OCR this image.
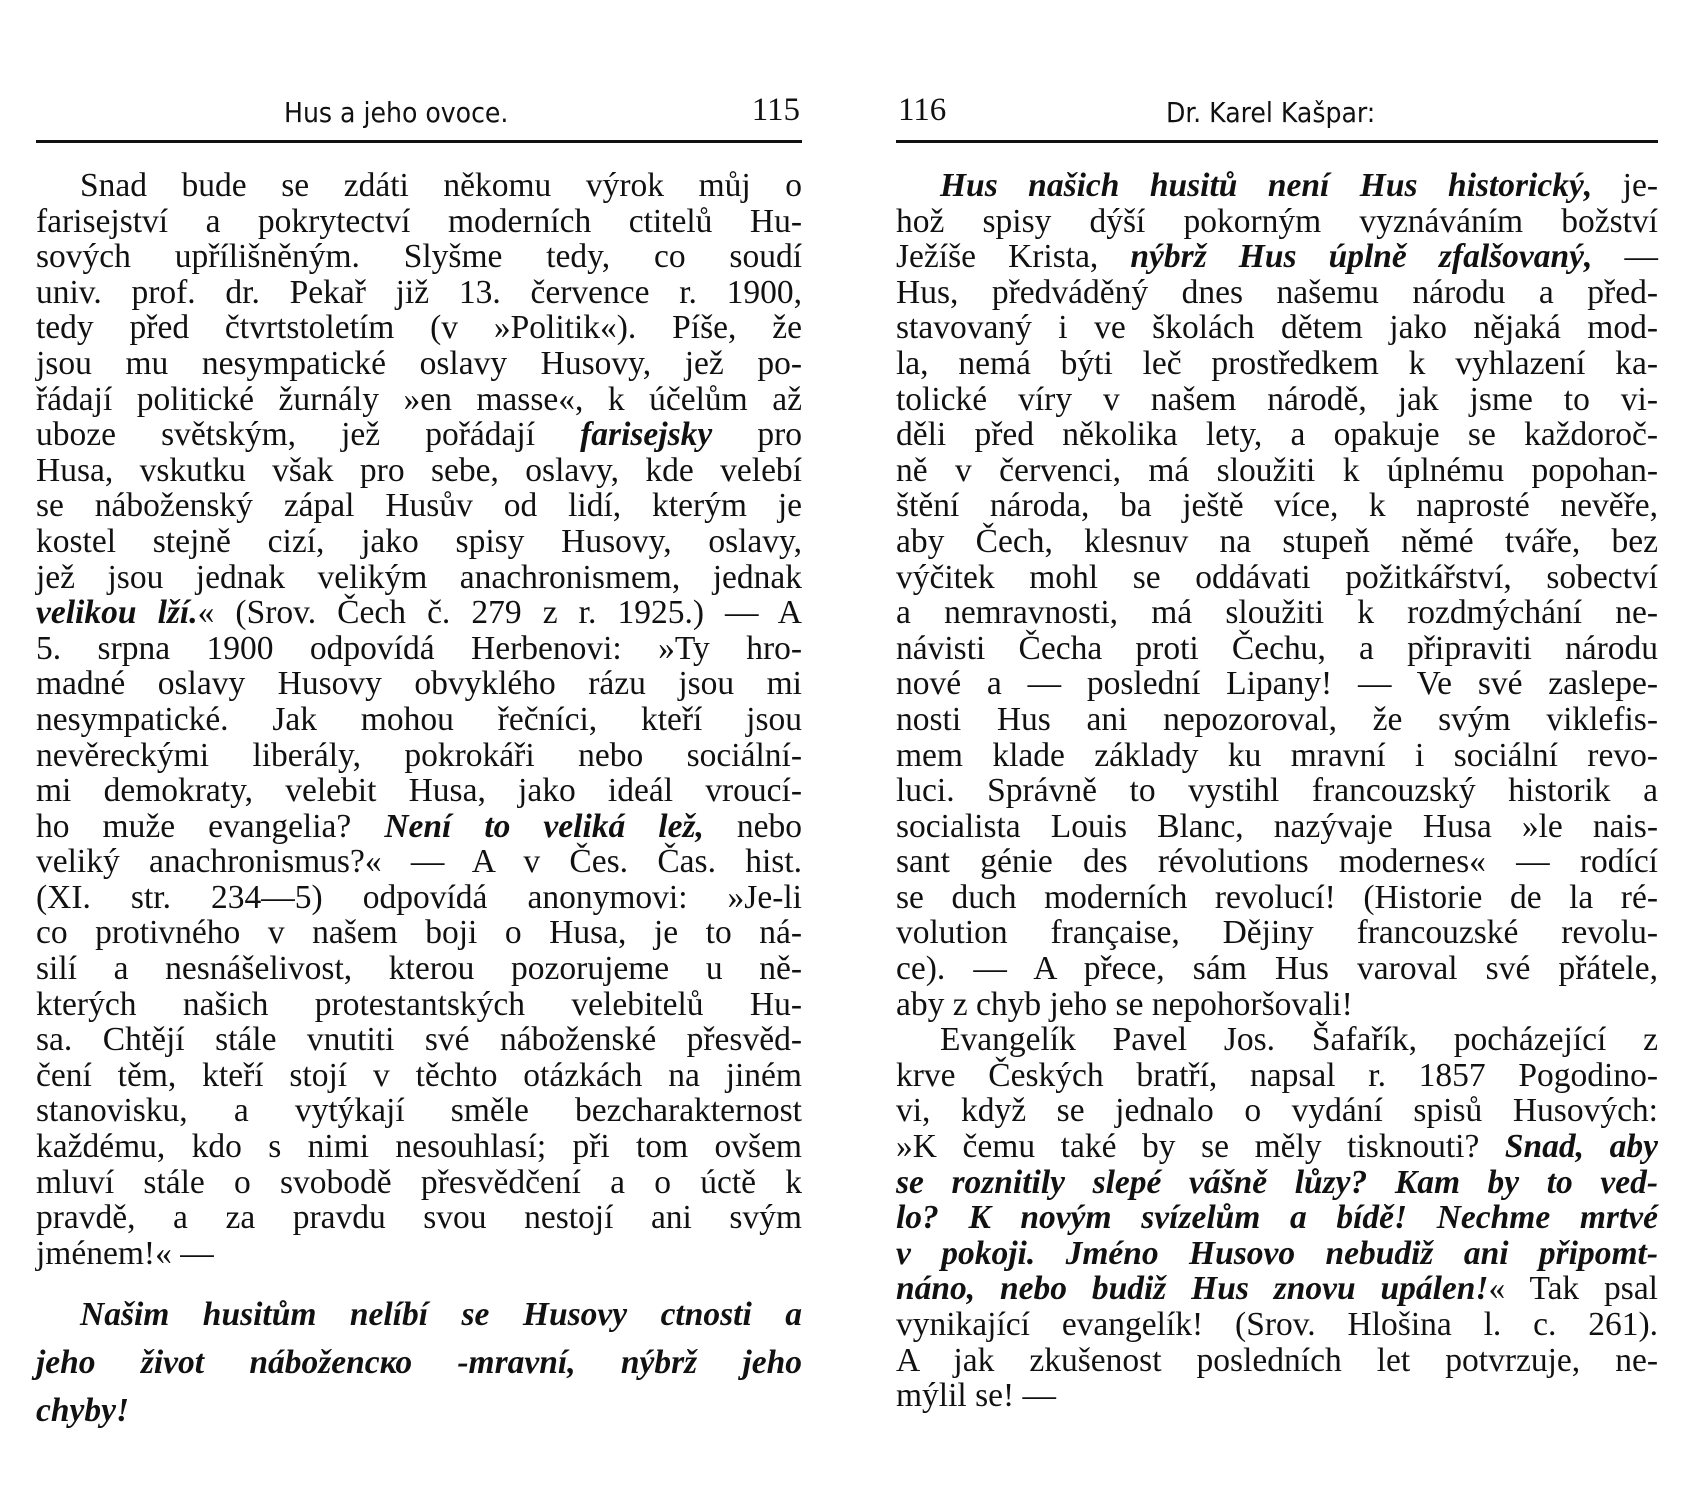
Hus a jeho ovoce.	115
Snad bude se zdáti někomu výrok můj o
farisejství a pokrytectví moderních ctitelů Hu-
sových upřílišněným. Slyšme tedy, co soudí
univ. prof. dr. Pekař již 13. července r. 1900,
tedy před čtvrtstoletím (v »Politik«). Píše, že
jsou mu nesympatické oslavy Husovy, jež po-
řádají politické žurnály »en masse«, k účelům až
uboze světským, jež pořádají farisejsky pro
Husa, vskutku však pro sebe, oslavy, kde velebí
se náboženský zápal Husův od lidí, kterým je
kostel stejně cizí, jako spisy Husovy, oslavy,
jež jsou jednak velikým anachronismem, jednak
velikou lží.« (Srov. Čech č. 279 z r. 1925.) — A
5. srpna 1900 odpovídá Herbenovi: »Ty hro-
madné oslavy Husovy obvyklého rázu jsou mi
nesympatické. Jak mohou řečníci, kteří jsou
nevěreckými liberály, pokrokáři nebo sociální-
mi demokraty, velebit Husa, jako ideál vroucí-
ho muže evangelia? Není to veliká lež, nebo
veliký anachronismus?« — A v Čes. Čas. hist.
(XI. str. 234—5) odpovídá anonymovi: »Je-li
co protivného v našem boji o Husa, je to ná-
silí a nesnášelivost, kterou pozorujeme u ně-
kterých našich protestantských velebitelů Hu-
sa. Chtějí stále vnutiti své náboženské přesvěd-
čení těm, kteří stojí v těchto otázkách na jiném
stanovisku, a vytýkají směle bezcharakternost
každému, kdo s nimi nesouhlasí; při tom ovšem
mluví stále o svobodě přesvědčení a o úctě k
pravdě, a za pravdu svou nestojí ani svým
jménem!« —
Našim husitům nelíbí se Husovy ctnosti a
jeho život náboženско -mravní, nýbrž jeho
chyby!
116	Dr. Karel Kašpar:
Hus našich husitů není Hus historický, je-
hož spisy dýší pokorným vyznáváním božství
Ježíše Krista, nýbrž Hus úplně zfalšovaný, —
Hus, předváděný dnes našemu národu a před-
stavovaný i ve školách dětem jako nějaká mod-
la, nemá býti leč prostředkem k vyhlazení ka-
tolické víry v našem národě, jak jsme to vi-
děli před několika lety, a opakuje se každoroč-
ně v červenci, má sloužiti k úplnému popohan-
štění národa, ba ještě více, k naprosté nevěře,
aby Čech, klesnuv na stupeň němé tváře, bez
výčitek mohl se oddávati požitkářství, sobectví
a nemravnosti, má sloužiti k rozdmýchání ne-
návisti Čecha proti Čechu, a připraviti národu
nové a — poslední Lipany! — Ve své zaslepe-
nosti Hus ani nepozoroval, že svým viklefis-
mem klade základy ku mravní i sociální revo-
luci. Správně to vystihl francouzský historik a
socialista Louis Blanc, nazývaje Husa »le nais-
sant génie des révolutions modernes« — rodící
se duch moderních revolucí! (Historie de la ré-
volution française, Dějiny francouzské revolu-
ce). — A přece, sám Hus varoval své přátele,
aby z chyb jeho se nepohoršovali!
Evangelík Pavel Jos. Šafařík, pocházející z
krve Českých bratří, napsal r. 1857 Pogodino-
vi, když se jednalo o vydání spisů Husových:
»K čemu také by se měly tisknouti? Snad, aby
se roznitily slepé vášně lůzy? Kam by to ved-
lo? K novým svízelům a bídě! Nechme mrtvé
v pokoji. Jméno Husovo nebudiž ani připomt-
náno, nebo budiž Hus znovu upálen!« Tak psal
vynikající evangelík! (Srov. Hlošina l. c. 261).
A jak zkušenost posledních let potvrzuje, ne-
mýlil se! —
